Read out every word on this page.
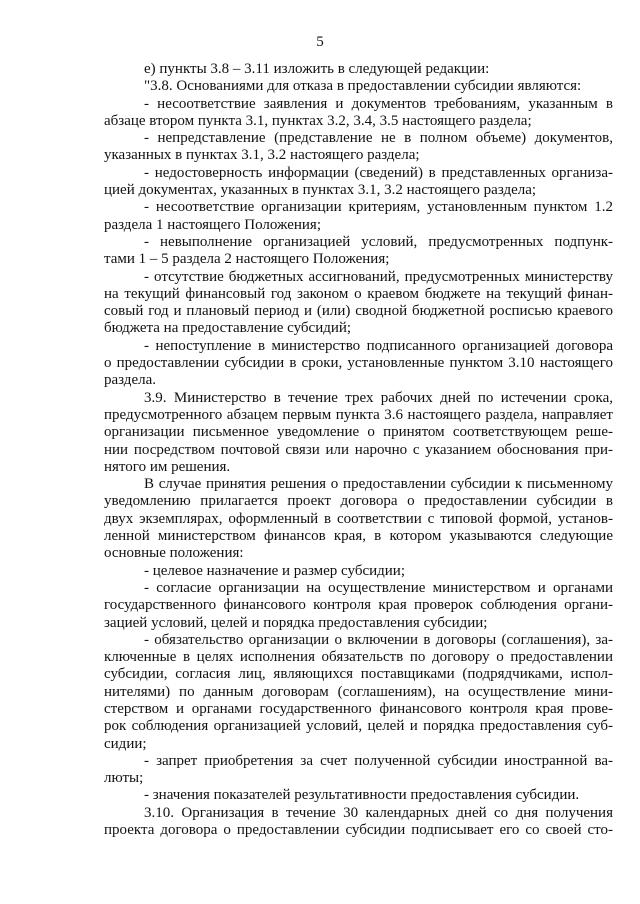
5
е) пункты 3.8 – 3.11 изложить в следующей редакции:
"3.8. Основаниями для отказа в предоставлении субсидии являются:
- несоответствие заявления и документов требованиям, указанным в
абзаце втором пункта 3.1, пунктах 3.2, 3.4, 3.5 настоящего раздела;
- непредставление (представление не в полном объеме) документов,
указанных в пунктах 3.1, 3.2 настоящего раздела;
- недостоверность информации (сведений) в представленных организа-
цией документах, указанных в пунктах 3.1, 3.2 настоящего раздела;
- несоответствие организации критериям, установленным пунктом 1.2
раздела 1 настоящего Положения;
- невыполнение организацией условий, предусмотренных подпунк-
тами 1 – 5 раздела 2 настоящего Положения;
- отсутствие бюджетных ассигнований, предусмотренных министерству
на текущий финансовый год законом о краевом бюджете на текущий финан-
совый год и плановый период и (или) сводной бюджетной росписью краевого
бюджета на предоставление субсидий;
- непоступление в министерство подписанного организацией договора
о предоставлении субсидии в сроки, установленные пунктом 3.10 настоящего
раздела.
3.9. Министерство в течение трех рабочих дней по истечении срока,
предусмотренного абзацем первым пункта 3.6 настоящего раздела, направляет
организации письменное уведомление о принятом соответствующем реше-
нии посредством почтовой связи или нарочно с указанием обоснования при-
нятого им решения.
В случае принятия решения о предоставлении субсидии к письменному
уведомлению прилагается проект договора о предоставлении субсидии в
двух экземплярах, оформленный в соответствии с типовой формой, установ-
ленной министерством финансов края, в котором указываются следующие
основные положения:
- целевое назначение и размер субсидии;
- согласие организации на осуществление министерством и органами
государственного финансового контроля края проверок соблюдения органи-
зацией условий, целей и порядка предоставления субсидии;
- обязательство организации о включении в договоры (соглашения), за-
ключенные в целях исполнения обязательств по договору о предоставлении
субсидии, согласия лиц, являющихся поставщиками (подрядчиками, испол-
нителями) по данным договорам (соглашениям), на осуществление мини-
стерством и органами государственного финансового контроля края прове-
рок соблюдения организацией условий, целей и порядка предоставления суб-
сидии;
- запрет приобретения за счет полученной субсидии иностранной ва-
люты;
- значения показателей результативности предоставления субсидии.
3.10. Организация в течение 30 календарных дней со дня получения
проекта договора о предоставлении субсидии подписывает его со своей сто-
